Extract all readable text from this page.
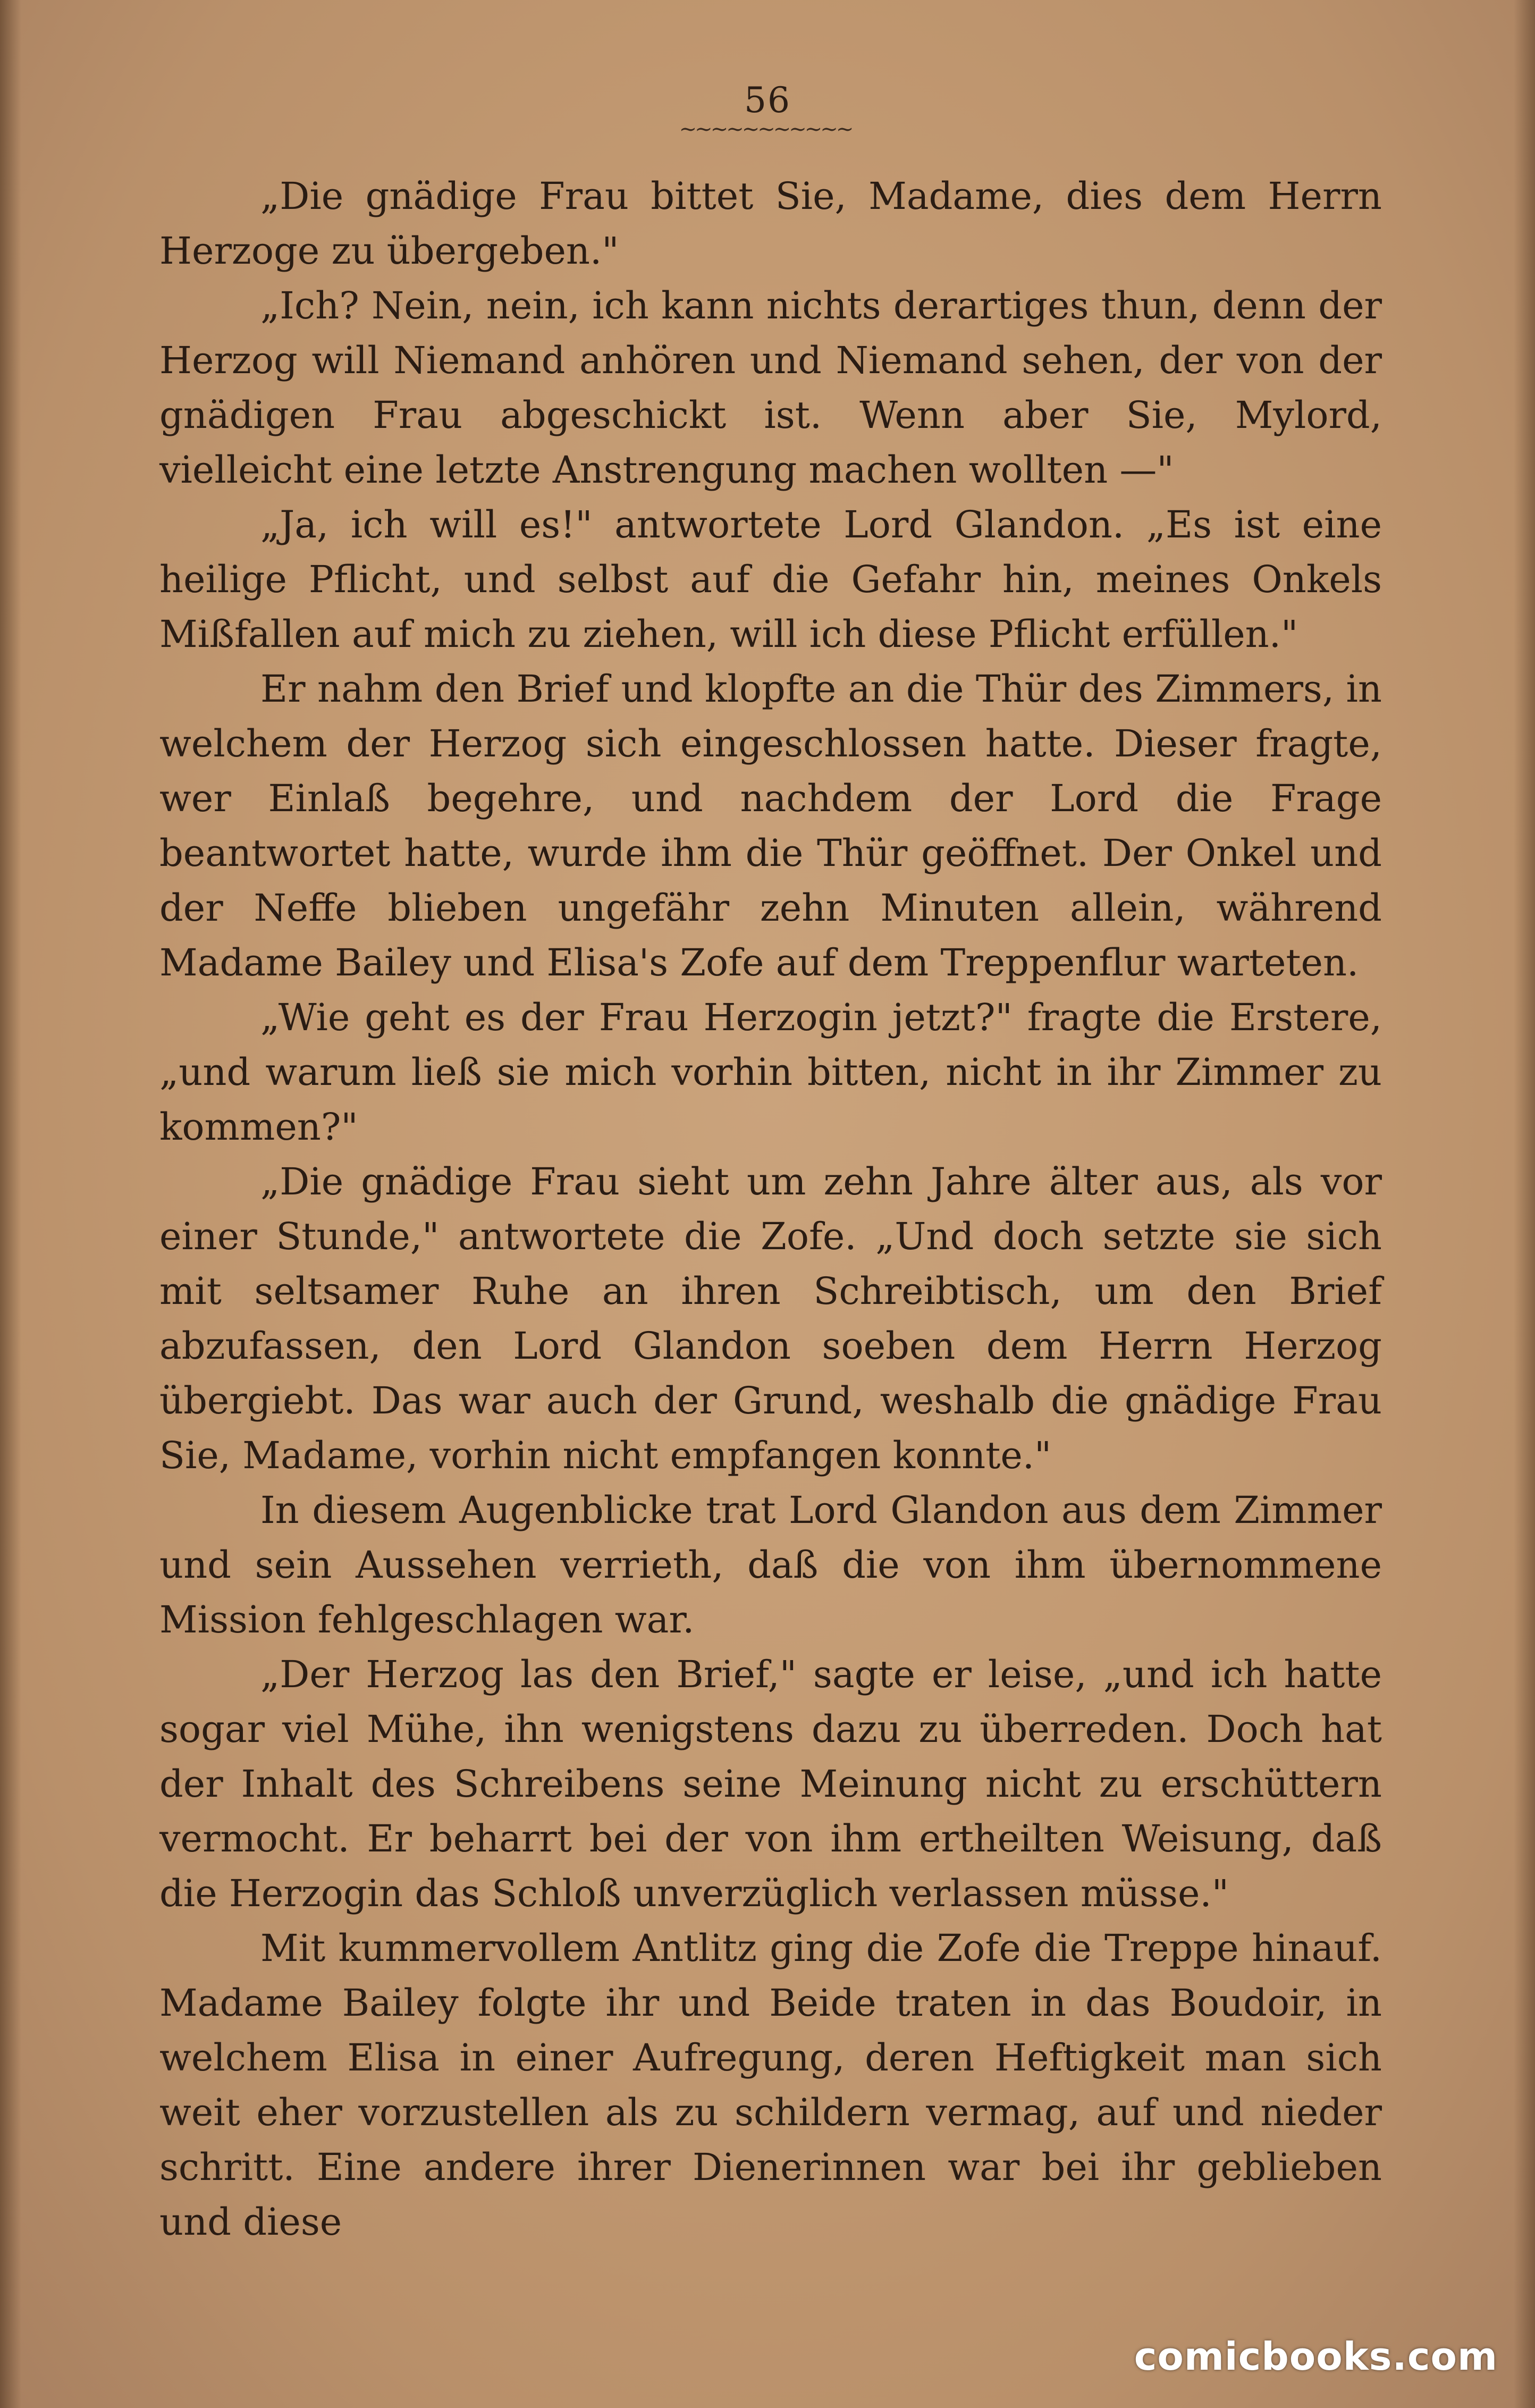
56
~~~~~~~~~~~

„Die gnädige Frau bittet Sie, Madame, dies dem Herrn Herzoge zu übergeben."

„Ich? Nein, nein, ich kann nichts derartiges thun, denn der Herzog will Niemand anhören und Niemand sehen, der von der gnädigen Frau abgeschickt ist. Wenn aber Sie, Mylord, vielleicht eine letzte Anstrengung machen wollten —"

„Ja, ich will es!" antwortete Lord Glandon. „Es ist eine heilige Pflicht, und selbst auf die Gefahr hin, meines Onkels Mißfallen auf mich zu ziehen, will ich diese Pflicht erfüllen."

Er nahm den Brief und klopfte an die Thür des Zimmers, in welchem der Herzog sich eingeschlossen hatte. Dieser fragte, wer Einlaß begehre, und nachdem der Lord die Frage beantwortet hatte, wurde ihm die Thür geöffnet. Der Onkel und der Neffe blieben ungefähr zehn Minuten allein, während Madame Bailey und Elisa's Zofe auf dem Treppenflur warteten.

„Wie geht es der Frau Herzogin jetzt?" fragte die Erstere, „und warum ließ sie mich vorhin bitten, nicht in ihr Zimmer zu kommen?"

„Die gnädige Frau sieht um zehn Jahre älter aus, als vor einer Stunde," antwortete die Zofe. „Und doch setzte sie sich mit seltsamer Ruhe an ihren Schreibtisch, um den Brief abzufassen, den Lord Glandon soeben dem Herrn Herzog übergiebt. Das war auch der Grund, weshalb die gnädige Frau Sie, Madame, vorhin nicht empfangen konnte."

In diesem Augenblicke trat Lord Glandon aus dem Zimmer und sein Aussehen verrieth, daß die von ihm übernommene Mission fehlgeschlagen war.

„Der Herzog las den Brief," sagte er leise, „und ich hatte sogar viel Mühe, ihn wenigstens dazu zu überreden. Doch hat der Inhalt des Schreibens seine Meinung nicht zu erschüttern vermocht. Er beharrt bei der von ihm ertheilten Weisung, daß die Herzogin das Schloß unverzüglich verlassen müsse."

Mit kummervollem Antlitz ging die Zofe die Treppe hinauf. Madame Bailey folgte ihr und Beide traten in das Boudoir, in welchem Elisa in einer Aufregung, deren Heftigkeit man sich weit eher vorzustellen als zu schildern vermag, auf und nieder schritt. Eine andere ihrer Dienerinnen war bei ihr geblieben und diese

comicbooks.com
